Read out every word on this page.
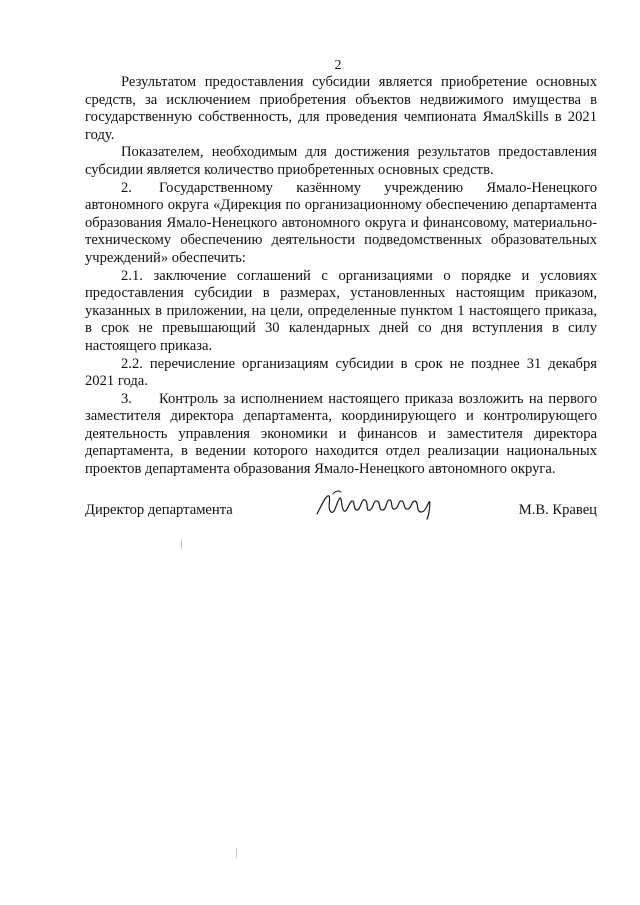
2

Результатом предоставления субсидии является приобретение основных средств, за исключением приобретения объектов недвижимого имущества в государственную собственность, для проведения чемпионата ЯмалSkills в 2021 году.

Показателем, необходимым для достижения результатов предоставления субсидии является количество приобретенных основных средств.

2. Государственному казённому учреждению Ямало-Ненецкого автономного округа «Дирекция по организационному обеспечению департамента образования Ямало-Ненецкого автономного округа и финансовому, материально-техническому обеспечению деятельности подведомственных образовательных учреждений» обеспечить:

2.1. заключение соглашений с организациями о порядке и условиях предоставления субсидии в размерах, установленных настоящим приказом, указанных в приложении, на цели, определенные пунктом 1 настоящего приказа, в срок не превышающий 30 календарных дней со дня вступления в силу настоящего приказа.

2.2. перечисление организациям субсидии в срок не позднее 31 декабря 2021 года.

3. Контроль за исполнением настоящего приказа возложить на первого заместителя директора департамента, координирующего и контролирующего деятельность управления экономики и финансов и заместителя директора департамента, в ведении которого находится отдел реализации национальных проектов департамента образования Ямало-Ненецкого автономного округа.

Директор департамента	М.В. Кравец
